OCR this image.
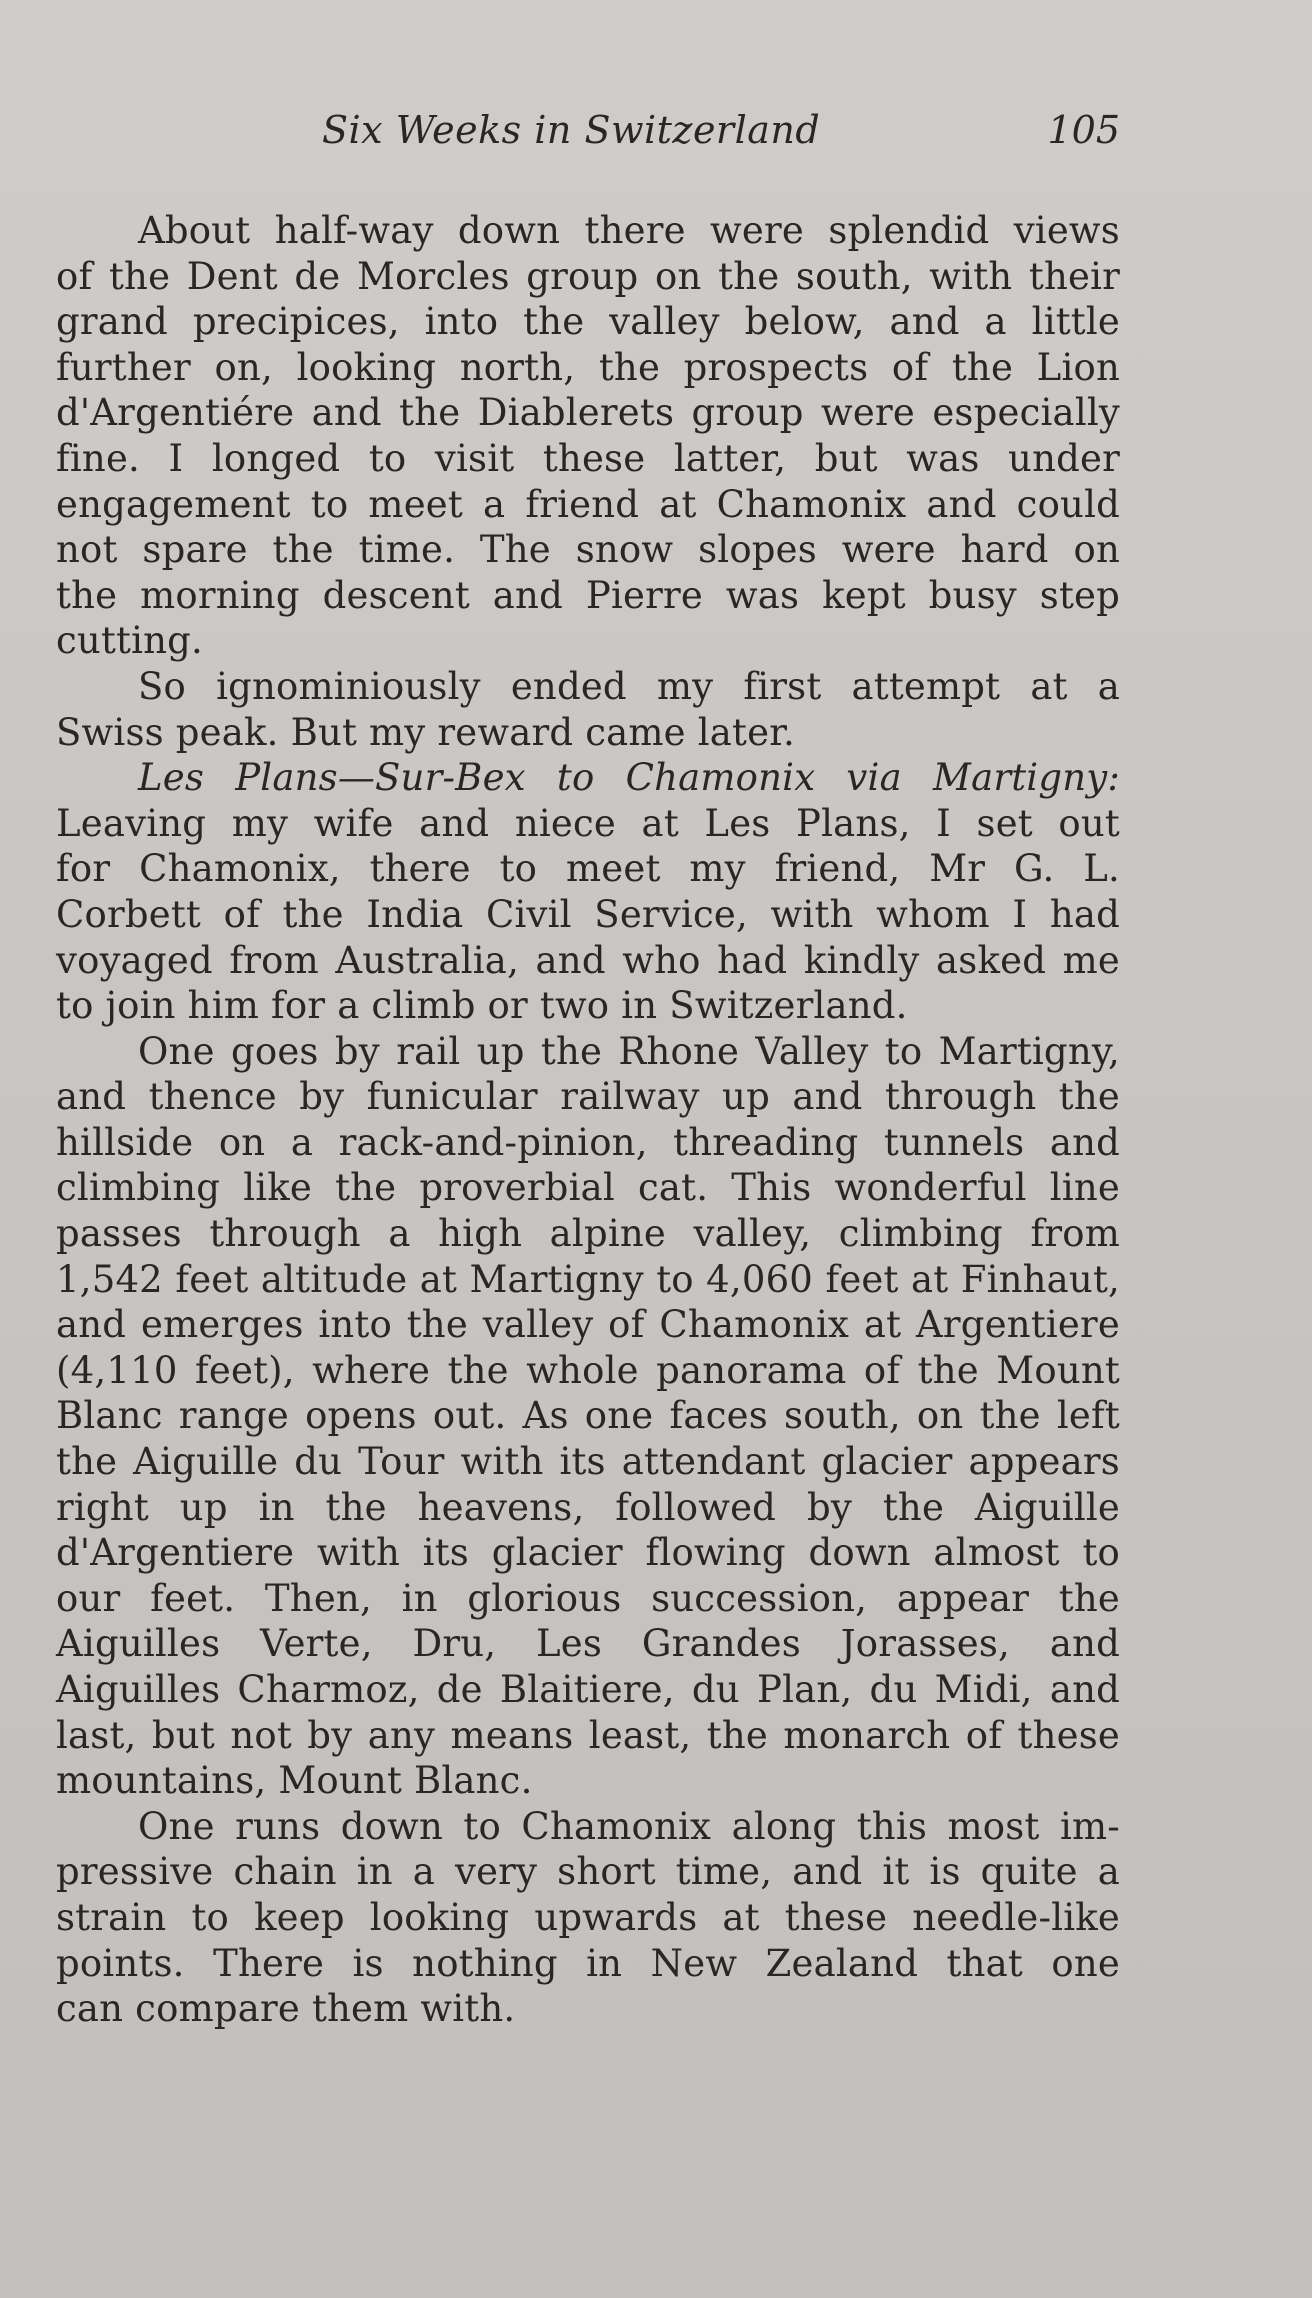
Six Weeks in Switzerland	105
About half-way down there were splendid views
of the Dent de Morcles group on the south, with their
grand precipices, into the valley below, and a little
further on, looking north, the prospects of the Lion
d'Argentiére and the Diablerets group were especially
fine. I longed to visit these latter, but was under
engagement to meet a friend at Chamonix and could
not spare the time. The snow slopes were hard on
the morning descent and Pierre was kept busy step
cutting.
So ignominiously ended my first attempt at a
Swiss peak. But my reward came later.
Les Plans—Sur-Bex to Chamonix via Martigny:
Leaving my wife and niece at Les Plans, I set out
for Chamonix, there to meet my friend, Mr G. L.
Corbett of the India Civil Service, with whom I had
voyaged from Australia, and who had kindly asked me
to join him for a climb or two in Switzerland.
One goes by rail up the Rhone Valley to Martigny,
and thence by funicular railway up and through the
hillside on a rack-and-pinion, threading tunnels and
climbing like the proverbial cat. This wonderful line
passes through a high alpine valley, climbing from
1,542 feet altitude at Martigny to 4,060 feet at Finhaut,
and emerges into the valley of Chamonix at Argentiere
(4,110 feet), where the whole panorama of the Mount
Blanc range opens out. As one faces south, on the left
the Aiguille du Tour with its attendant glacier appears
right up in the heavens, followed by the Aiguille
d'Argentiere with its glacier flowing down almost to
our feet. Then, in glorious succession, appear the
Aiguilles Verte, Dru, Les Grandes Jorasses, and
Aiguilles Charmoz, de Blaitiere, du Plan, du Midi, and
last, but not by any means least, the monarch of these
mountains, Mount Blanc.
One runs down to Chamonix along this most im-
pressive chain in a very short time, and it is quite a
strain to keep looking upwards at these needle-like
points. There is nothing in New Zealand that one
can compare them with.
